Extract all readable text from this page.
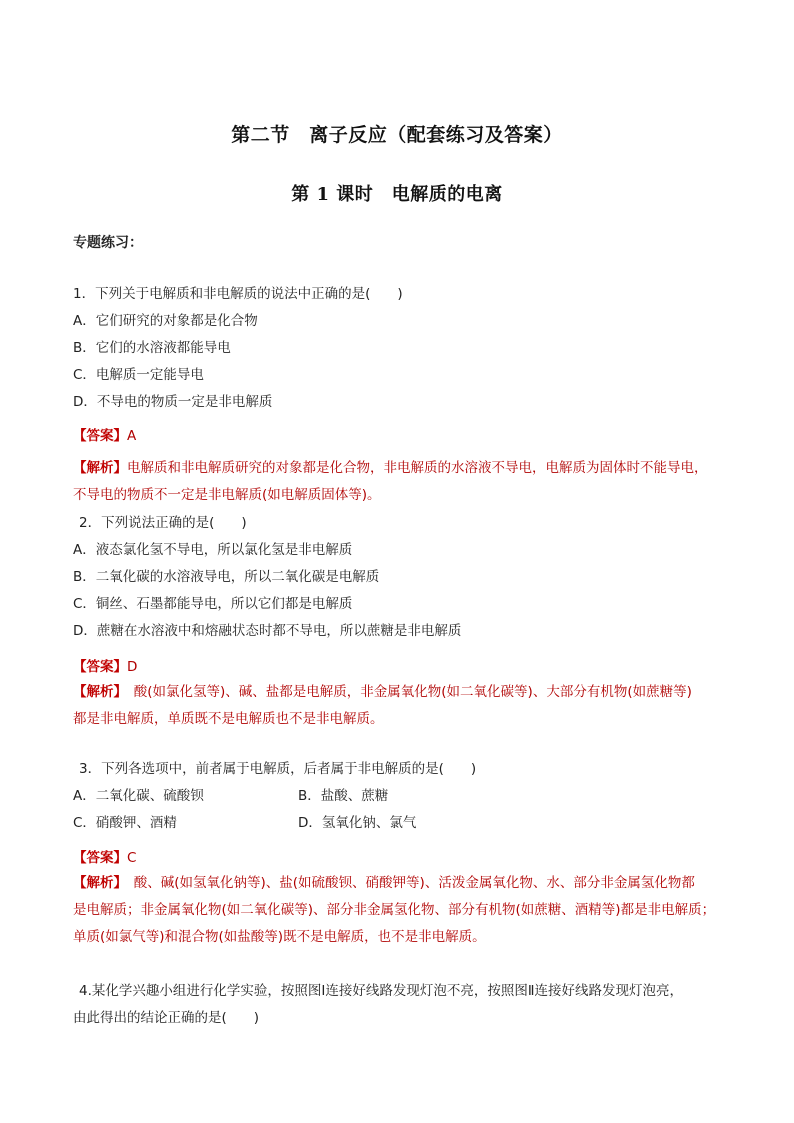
第二节　离子反应（配套练习及答案）
第 1 课时　电解质的电离
专题练习：
1．下列关于电解质和非电解质的说法中正确的是(　　)
A．它们研究的对象都是化合物
B．它们的水溶液都能导电
C．电解质一定能导电
D．不导电的物质一定是非电解质
【答案】A
【解析】电解质和非电解质研究的对象都是化合物，非电解质的水溶液不导电，电解质为固体时不能导电，
不导电的物质不一定是非电解质(如电解质固体等)。
2．下列说法正确的是(　　)
A．液态氯化氢不导电，所以氯化氢是非电解质
B．二氧化碳的水溶液导电，所以二氧化碳是电解质
C．铜丝、石墨都能导电，所以它们都是电解质
D．蔗糖在水溶液中和熔融状态时都不导电，所以蔗糖是非电解质
【答案】D
【解析】　酸(如氯化氢等)、碱、盐都是电解质，非金属氧化物(如二氧化碳等)、大部分有机物(如蔗糖等)
都是非电解质，单质既不是电解质也不是非电解质。
3．下列各选项中，前者属于电解质，后者属于非电解质的是(　　)
A．二氧化碳、硫酸钡	B．盐酸、蔗糖
C．硝酸钾、酒精	D．氢氧化钠、氯气
【答案】C
【解析】　酸、碱(如氢氧化钠等)、盐(如硫酸钡、硝酸钾等)、活泼金属氧化物、水、部分非金属氢化物都
是电解质；非金属氧化物(如二氧化碳等)、部分非金属氢化物、部分有机物(如蔗糖、酒精等)都是非电解质；
单质(如氯气等)和混合物(如盐酸等)既不是电解质，也不是非电解质。
4.某化学兴趣小组进行化学实验，按照图Ⅰ连接好线路发现灯泡不亮，按照图Ⅱ连接好线路发现灯泡亮，
由此得出的结论正确的是(　　)
